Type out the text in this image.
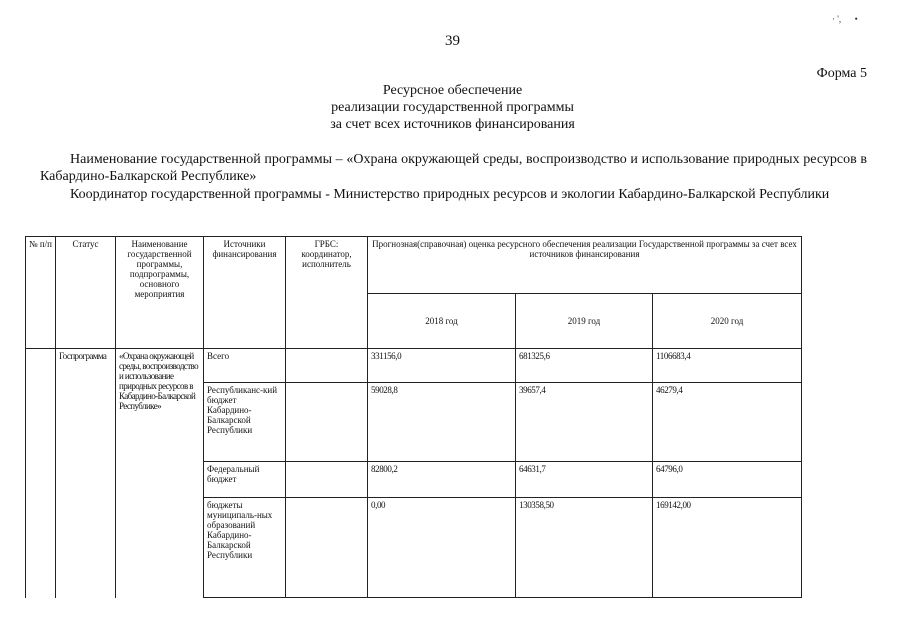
· ',      •
39
Форма 5
Ресурсное обеспечение
реализации государственной программы
за счет всех источников финансирования
Наименование государственной программы – «Охрана окружающей среды, воспроизводство и использование природных ресурсов в Кабардино-Балкарской Республике»
Координатор государственной программы - Министерство природных ресурсов и экологии Кабардино-Балкарской Республики
№ п/п	Статус	Наименование государственной программы, подпрограммы, основного мероприятия	Источники финансирования	ГРБС: координатор, исполнитель	Прогнозная(справочная) оценка ресурсного обеспечения реализации Государственной программы за счет всех источников финансирования		
					2018 год	2019 год	2020 год
	Госпрограмма	«Охрана окружающей среды, воспроизводство и использование природных ресурсов в Кабардино-Балкарской Республике»	Всего		331156,0	681325,6	1106683,4
			Республиканс-кий бюджет Кабардино-Балкарской Республики		59028,8	39657,4	46279,4
			Федеральный бюджет		82800,2	64631,7	64796,0
			бюджеты муниципаль-ных образований Кабардино-Балкарской Республики		0,00	130358,50	169142,00
